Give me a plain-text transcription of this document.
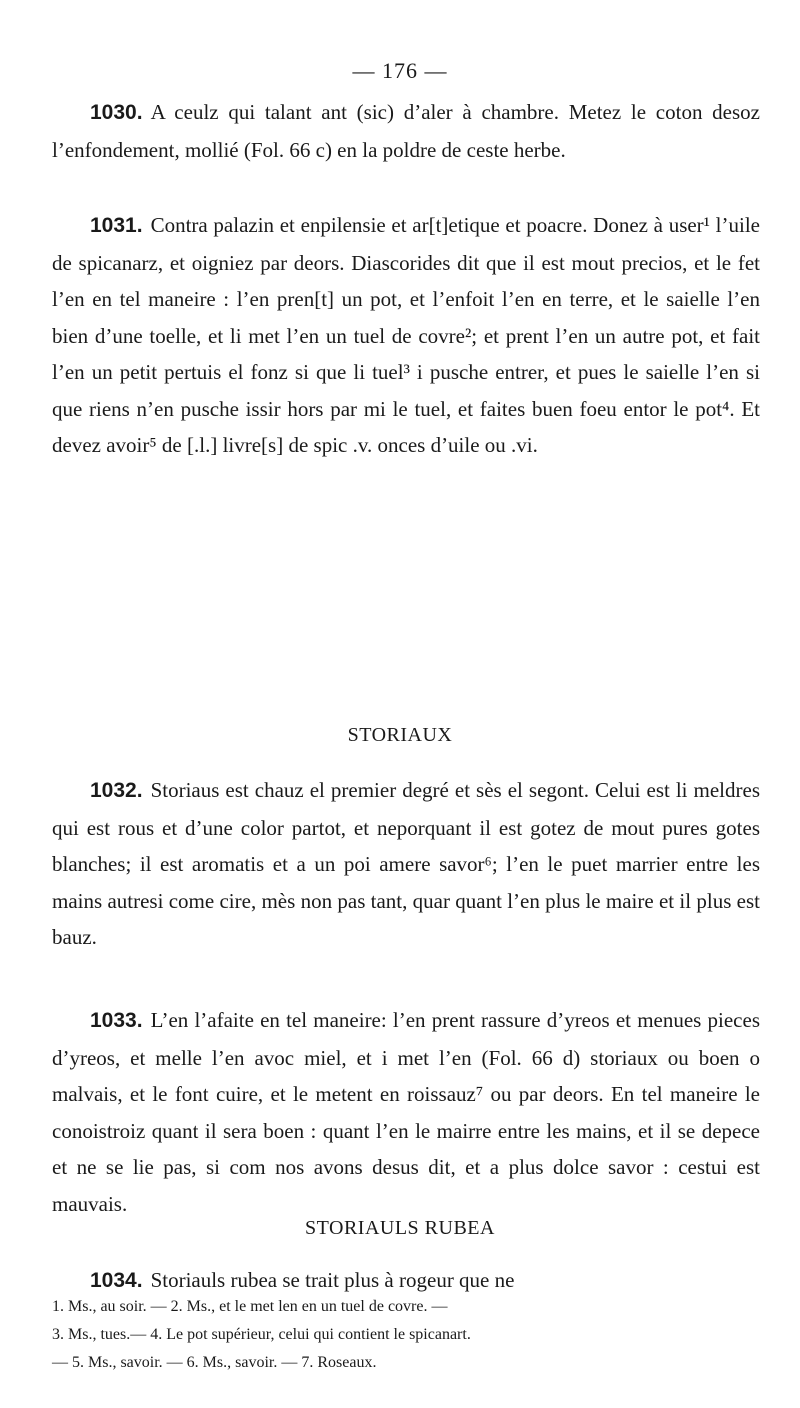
— 176 —

1030. A ceulz qui talant ant (sic) d’aler à chambre. Metez le coton desoz l’enfondement, mollié (Fol. 66 c) en la poldre de ceste herbe.

1031. Contra palazin et enpilensie et ar[t]etique et poacre. Donez à user¹ l’uile de spicanarz, et oigniez par deors. Diascorides dit que il est mout precios, et le fet l’en en tel maneire : l’en pren[t] un pot, et l’enfoit l’en en terre, et le saielle l’en bien d’une toelle, et li met l’en un tuel de covre²; et prent l’en un autre pot, et fait l’en un petit pertuis el fonz si que li tuel³ i pusche entrer, et pues le saielle l’en si que riens n’en pusche issir hors par mi le tuel, et faites buen foeu entor le pot⁴. Et devez avoir⁵ de [.l.] livre[s] de spic .v. onces d’uile ou .vi.

STORIAUX

1032. Storiaus est chauz el premier degré et sès el segont. Celui est li meldres qui est rous et d’une color partot, et neporquant il est gotez de mout pures gotes blanches; il est aromatis et a un poi amere savor⁶; l’en le puet marrier entre les mains autresi come cire, mès non pas tant, quar quant l’en plus le maire et il plus est bauz.

1033. L’en l’afaite en tel maneire: l’en prent rassure d’yreos et menues pieces d’yreos, et melle l’en avoc miel, et i met l’en (Fol. 66 d) storiaux ou boen o malvais, et le font cuire, et le metent en roissauz⁷ ou par deors. En tel maneire le conoistroiz quant il sera boen : quant l’en le mairre entre les mains, et il se depece et ne se lie pas, si com nos avons desus dit, et a plus dolce savor : cestui est mauvais.

STORIAULS RUBEA

1034. Storiauls rubea se trait plus à rogeur que ne

1. Ms., au soir. — 2. Ms., et le met len en un tuel de covre. —
3. Ms., tues.— 4. Le pot supérieur, celui qui contient le spicanart.
— 5. Ms., savoir. — 6. Ms., savoir. — 7. Roseaux.
